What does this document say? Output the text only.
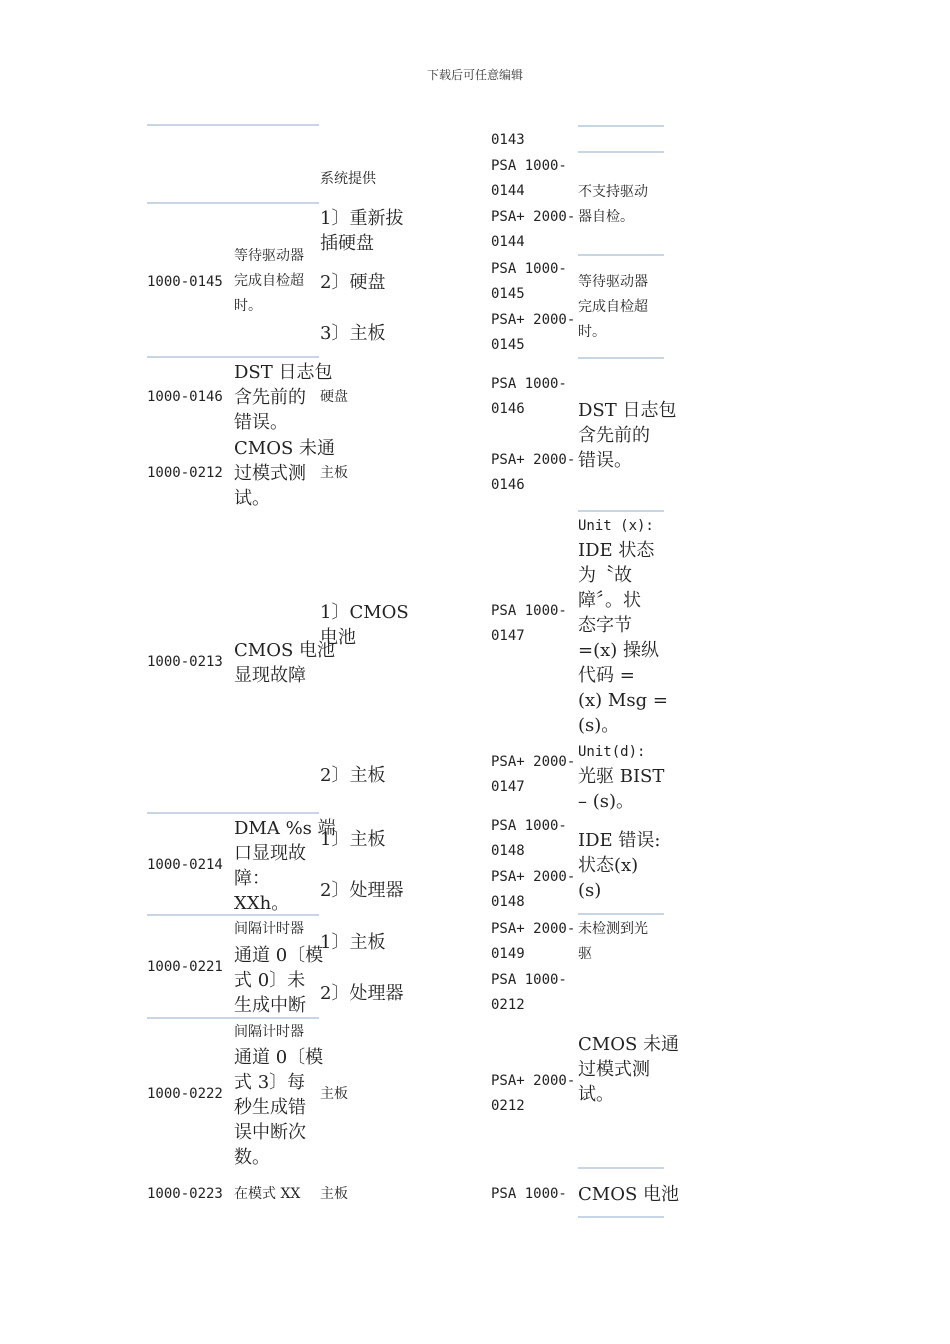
下载后可任意编辑
系统提供
1000-0145
等待驱动器
完成自检超
时。
1〕重新拔
插硬盘
2〕硬盘
3〕主板
1000-0146
DST 日志包
含先前的
错误。
硬盘
1000-0212
CMOS 未通
过模式测
试。
主板
1000-0213
CMOS 电池
显现故障
1〕CMOS
电池
2〕主板
1000-0214
DMA %s 端
口显现故
障：
XXh。
1〕主板
2〕处理器
1000-0221
间隔计时器
通道 0〔模
式 0〕未
生成中断
1〕主板
2〕处理器
1000-0222
间隔计时器
通道 0〔模
式 3〕每
秒生成错
误中断次
数。
主板
1000-0223 在模式 XX 主板
0143
PSA 1000-
0144
PSA+ 2000-
0144
PSA 1000-
0145
PSA+ 2000-
0145
PSA 1000-
0146
PSA+ 2000-
0146
PSA 1000-
0147
PSA+ 2000-
0147
PSA 1000-
0148
PSA+ 2000-
0148
PSA+ 2000-
0149
PSA 1000-
0212
PSA+ 2000-
0212
PSA 1000-
不支持驱动
器自检。
等待驱动器
完成自检超
时。
DST 日志包
含先前的
错误。
Unit (x):
IDE 状态
为〝故
障〞。状
态字节
=(x) 操纵
代码 =
(x) Msg =
(s)。
Unit(d):
光驱 BIST
– (s)。
IDE 错误:
状态(x)
(s)
未检测到光
驱
CMOS 未通
过模式测
试。
CMOS 电池
